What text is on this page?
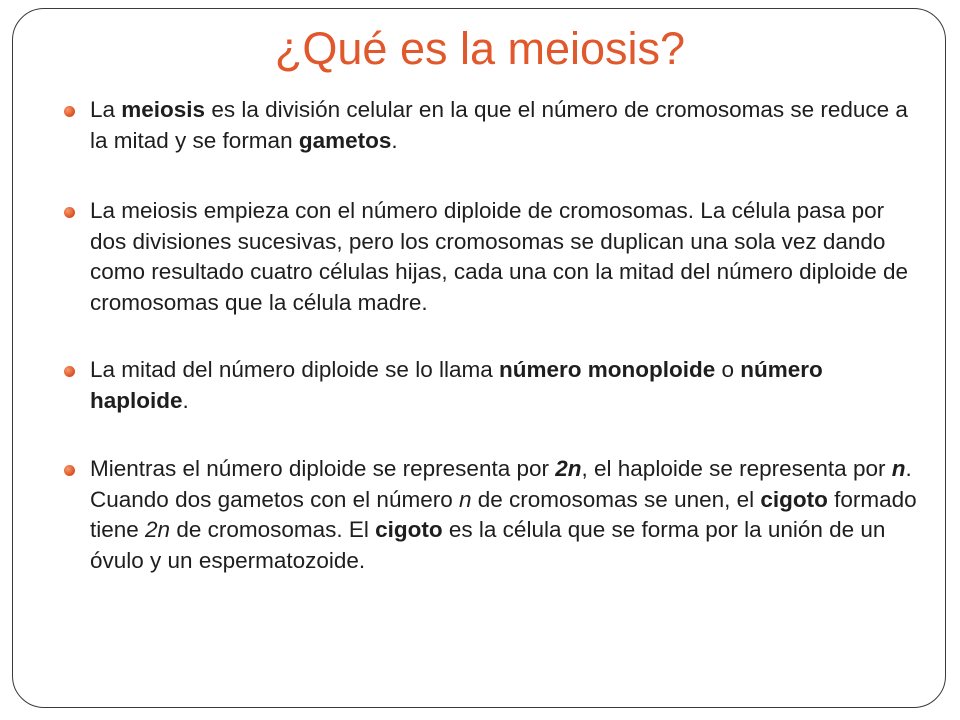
¿Qué es la meiosis?
La meiosis es la división celular en la que el número de cromosomas se reduce a la mitad y se forman gametos.
La meiosis empieza con el número diploide de cromosomas. La célula pasa por dos divisiones sucesivas, pero los cromosomas se duplican una sola vez dando como resultado cuatro células hijas, cada una con la mitad del número diploide de cromosomas que la célula madre.
La mitad del número diploide se lo llama número monoploide o número haploide.
Mientras el número diploide se representa por 2n, el haploide se representa por n. Cuando dos gametos con el número n de cromosomas se unen, el cigoto formado tiene 2n de cromosomas. El cigoto es la célula que se forma por la unión de un óvulo y un espermatozoide.
